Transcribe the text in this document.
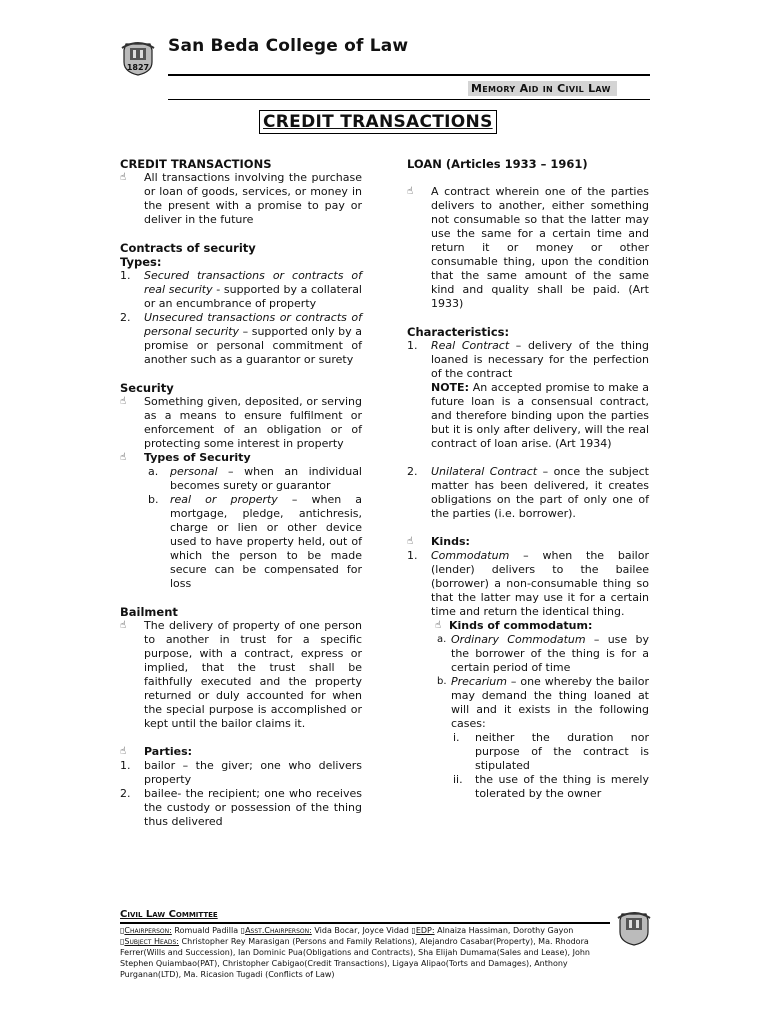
1827
San Beda College of Law
Memory Aid in Civil Law
CREDIT TRANSACTIONS
CREDIT TRANSACTIONS
☝	All transactions involving the purchase or loan of goods, services, or money in the present with a promise to pay or deliver in the future
Contracts of security
Types:
1.	Secured transactions or contracts of real security - supported by a collateral or an encumbrance of property
2.	Unsecured transactions or contracts of personal security – supported only by a promise or personal commitment of another such as a guarantor or surety
Security
☝	Something given, deposited, or serving as a means to ensure fulfilment or enforcement of an obligation or of protecting some interest in property
☝	Types of Security
a.	personal – when an individual becomes surety or guarantor
b.	real or property – when a mortgage, pledge, antichresis, charge or lien or other device used to have property held, out of which the person to be made secure can be compensated for loss
Bailment
☝	The delivery of property of one person to another in trust for a specific purpose, with a contract, express or implied, that the trust shall be faithfully executed and the property returned or duly accounted for when the special purpose is accomplished or kept until the bailor claims it.
☝	Parties:
1.	bailor – the giver; one who delivers property
2.	bailee- the recipient; one who receives the custody or possession of the thing thus delivered
LOAN (Articles 1933 – 1961)
☝	A contract wherein one of the parties delivers to another, either something not consumable so that the latter may use the same for a certain time and return it or money or other consumable thing, upon the condition that the same amount of the same kind and quality shall be paid. (Art 1933)
Characteristics:
1.	Real Contract – delivery of the thing loaned is necessary for the perfection of the contract
NOTE: An accepted promise to make a future loan is a consensual contract, and therefore binding upon the parties but it is only after delivery, will the real contract of loan arise. (Art 1934)
2.	Unilateral Contract – once the subject matter has been delivered, it creates obligations on the part of only one of the parties (i.e. borrower).
☝	Kinds:
1.	Commodatum – when the bailor (lender) delivers to the bailee (borrower) a non-consumable thing so that the latter may use it for a certain time and return the identical thing.
☝ Kinds of commodatum:
a. Ordinary Commodatum – use by the borrower of the thing is for a certain period of time
b. Precarium – one whereby the bailor may demand the thing loaned at will and it exists in the following cases:
i.	neither the duration nor purpose of the contract is stipulated
ii.	the use of the thing is merely tolerated by the owner
Civil Law Committee
▯Chairperson: Romuald Padilla ▯Asst.Chairperson: Vida Bocar, Joyce Vidad ▯EDP: Alnaiza Hassiman, Dorothy Gayon
▯Subject Heads: Christopher Rey Marasigan (Persons and Family Relations), Alejandro Casabar(Property), Ma. Rhodora Ferrer(Wills and Succession), Ian Dominic Pua(Obligations and Contracts), Sha Elijah Dumama(Sales and Lease), John Stephen Quiambao(PAT), Christopher Cabigao(Credit Transactions), Ligaya Alipao(Torts and Damages), Anthony Purganan(LTD), Ma. Ricasion Tugadi (Conflicts of Law)
